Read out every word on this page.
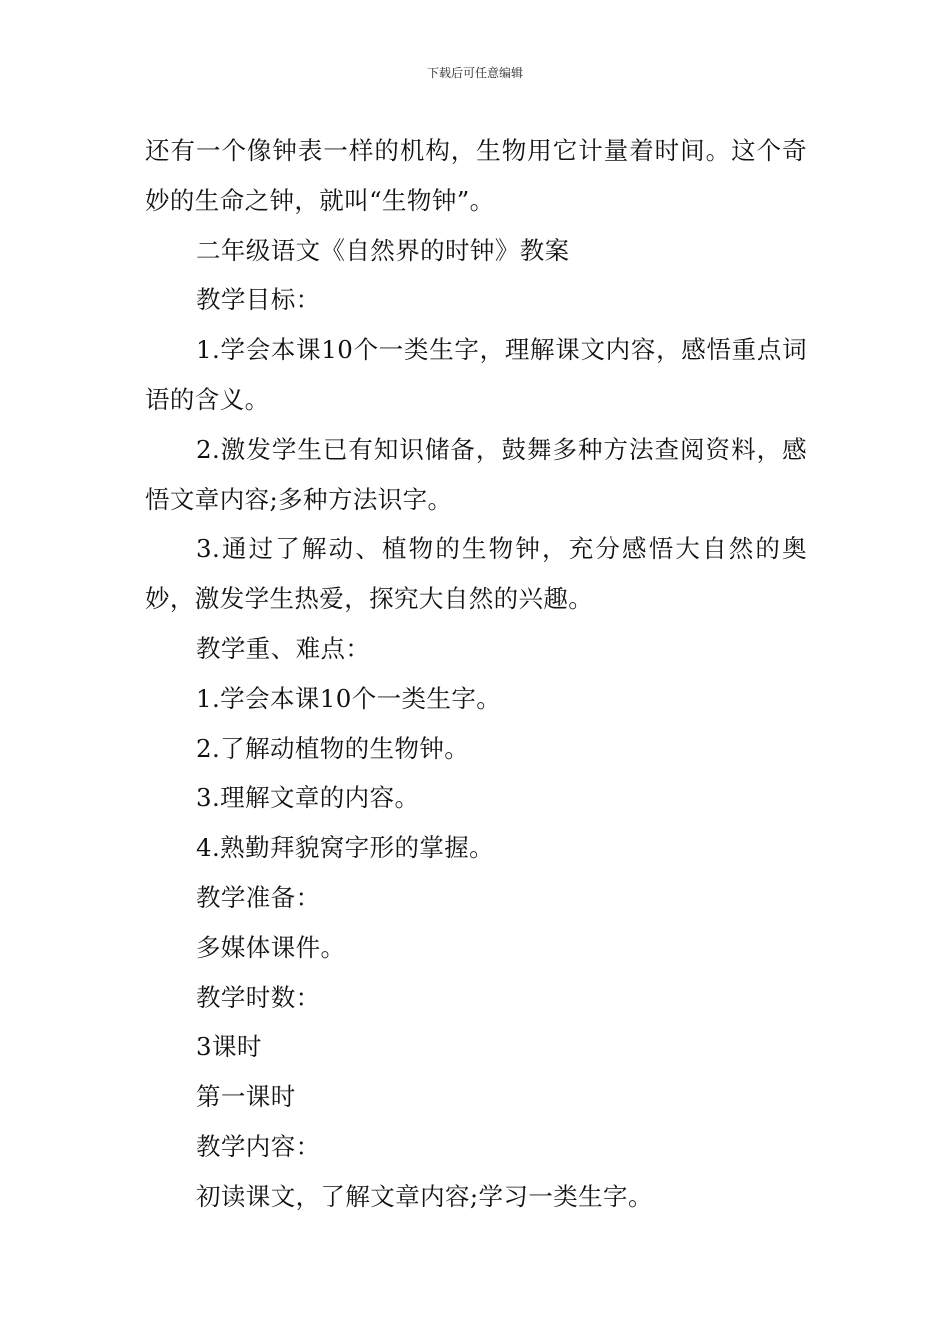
下载后可任意编辑

还有一个像钟表一样的机构，生物用它计量着时间。这个奇妙的生命之钟，就叫“生物钟”。

二年级语文《自然界的时钟》教案

教学目标：

1.学会本课10个一类生字，理解课文内容，感悟重点词语的含义。

2.激发学生已有知识储备，鼓舞多种方法查阅资料，感悟文章内容;多种方法识字。

3.通过了解动、植物的生物钟，充分感悟大自然的奥妙，激发学生热爱，探究大自然的兴趣。

教学重、难点：

1.学会本课10个一类生字。

2.了解动植物的生物钟。

3.理解文章的内容。

4.熟勤拜貌窝字形的掌握。

教学准备：

多媒体课件。

教学时数：

3课时

第一课时

教学内容：

初读课文，了解文章内容;学习一类生字。
